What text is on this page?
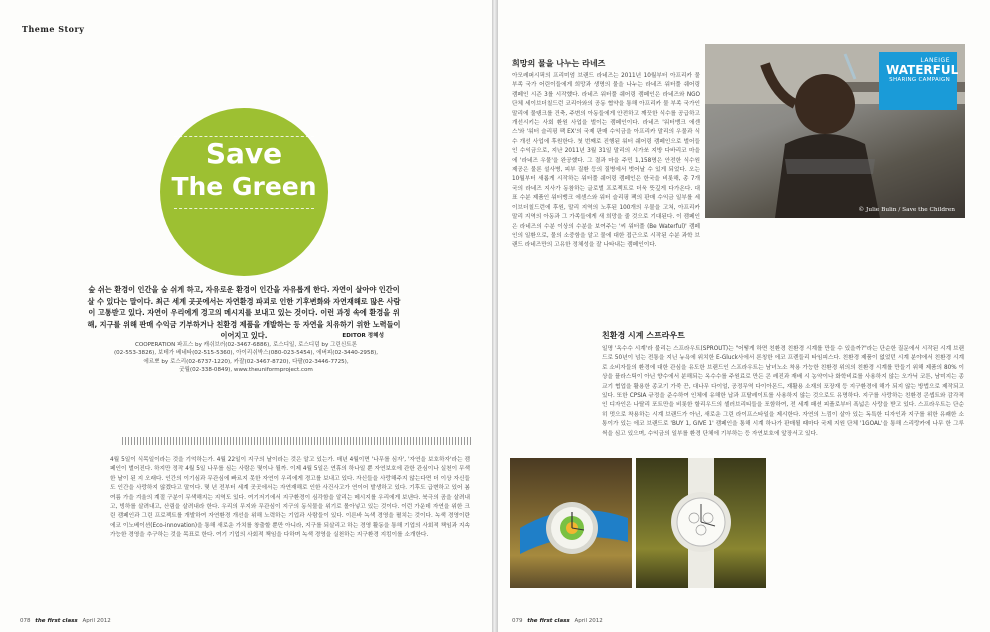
Theme Story
Save
The Green
숲 쉬는 환경이 인간을 숨 쉬게 하고, 자유로운 환경이 인간을 자유롭게 한다. 자연이 살아야 인간이 살 수 있다는 말이다. 최근 세계 곳곳에서는 자연환경 파괴로 인한 기후변화와 자연재해로 많은 사람이 고통받고 있다. 자연이 우리에게 경고의 메시지를 보내고 있는 것이다. 이런 과정 속에 환경을 위해, 지구를 위해 판매 수익금 기부하거나 친환경 제품을 개발하는 등 자연을 치유하기 위한 노력들이 이어지고 있다.	EDITOR 정혜성
COOPERATION 파프스 by 캐쉬브러(02-3467-6886), 로스디일, 로스디덤 by 그린신트론
(02-553-3826), 보테가 베네타(02-515-5360), 아이리쉬박스(080-023-5454), 에버피(02-3440-2958),
에르뽀 by 로스리(02-6737-1220), 카잘(02-3467-8720), 다팔(02-3446-7725),
굿월(02-338-0849), www.theuniformproject.com
4월 5일이 식목일이라는 것을 기억하는가. 4월 22일이 지구의 날이라는 것은 알고 있는가. 매년 4월이면 '나무를 심자', '자연을 보호하자'라는 캠페인이 벌어진다. 하지만 정작 4월 5일 나무를 심는 사람은 몇이나 될까. 이제 4월 5일은 연휴의 하나일 뿐 자연보호에 관한 관심이나 실천이 무색한 날이 된 지 오래다. 인간의 이기심과 무관심에 빠르지 못한 자연이 우리에게 경고를 보내고 있다. 자신들을 사랑해주지 않는다면 더 이상 자신들도 인간을 사랑하지 않겠다고 말이다. 몇 년 전부터 세계 곳곳에서는 자연재해로 인한 사건사고가 연이어 발생하고 있다. 기후도 급변하고 있어 봄 여름 가을 겨울의 계절 구분이 무색해지는 지역도 있다. 여기저기에서 지구환경이 심각함을 알리는 메시지를 우리에게 보낸다. 북극의 곰을 살려내고, 빙하를 살려내고, 산림을 살려내라 한다. 우리의 무지와 무관심이 지구의 동식물을 위기로 몰아넣고 있는 것이다. 이런 가운데 자연을 위한 크린 캠페인과 그린 프로젝트를 개발하여 자연환경 개선을 위해 노력하는 기업과 사람들이 있다. 이른바 녹색 경영을 펼치는 것이다. 녹색 경영이란 에코 이노베이션(Eco-innovation)을 통해 새로운 가치를 창출할 뿐만 아니라, 지구를 되살리고 하는 경영 활동을 통해 기업의 사회적 책임과 지속 가능한 경영을 추구하는 것을 목표로 한다. 여기 기업의 사회적 책임을 다하며 녹색 경영을 실천하는 지구환경 지킴이를 소개한다.
078 the first class April 2012
희망의 물을 나누는 라네즈
아모레퍼시픽의 프리미엄 브랜드 라네즈는 2011년 10월부터 아프리카 물 부족 국가 어린이들에게 희망과 생명의 물을 나누는 라네즈 워터풀 쉐어링 캠페인 시즌 3를 시작했다. 라네즈 워터풀 쉐어링 캠페인은 라네즈와 NGO 단체 세이브더칠드런 코리아와의 공동 협약을 통해 아프리카 물 부족 국가인 말리에 물탱크를 건축, 주변의 아동들에게 안전하고 깨끗한 식수를 공급하고 개선시키는 사회 환원 사업을 벌이는 캠페인이다. 라네즈 '워터뱅크 에센스'와 '워터 슬리핑 팩 EX'의 국제 판매 수익금을 아프리카 말리의 우물과 식수 개선 사업에 후원한다. 첫 번째로 진행된 워터 쉐어링 캠페인으로 벌어들인 수익금으로, 지난 2011년 3월 31일 말리의 시가쏘 지방 다바리코 마을에 '라네즈 우물'을 완공했다. 그 결과 마을 주민 1,158명은 안전한 식수원 제공은 물론 설사병, 피부 질환 등의 질병에서 벗어날 수 있게 되었다. 오는 10월부터 새롭게 시작하는 워터풀 쉐어링 캠페인은 한국을 비롯해, 총 7개국의 라네즈 지사가 동참하는 글로벌 프로젝트로 더욱 뜻깊게 다가온다. 대표 수분 제품인 워터뱅크 에센스와 워터 슬리핑 팩의 판매 수익금 일부를 세이브더칠드런에 후원, 말리 지역의 노후된 100개의 우물을 고쳐, 아프리카 말리 지역의 아동과 그 가족들에게 새 희망을 줄 것으로 기대된다. 이 캠페인은 라네즈의 수분 이상의 수분을 보여주는 '씨 워터풀 (Be Waterful)' 캠페인의 일환으로, 물의 소중함을 알고 물에 대한 접근으로 시작된 수분 과학 브랜드 라네즈만의 고유한 정체성을 잘 나타내는 캠페인이다.
LANEIGE
WATERFUL
SHARING CAMPAIGN
© Julie Bulin / Save the Children
친환경 시계 스프라우트
일명 '옥수수 시계'라 불리는 스프라우트(SPROUT)는 "어떻게 하면 친환경 친환경 시계를 만들 수 있을까?"라는 단순한 질문에서 시작된 시계 브랜드로 50년이 넘는 전통을 지닌 뉴욕에 위치한 E-Gluck사에서 론칭한 에코 프렌들리 타임피스다. 친환경 제품이 없었던 시계 분야에서 친환경 시계로 소비자들의 환경에 대한 관심을 유도한 브랜드인 스프라우트는 남녀노소 착용 가능한 친환경 위의의 친환경 시계를 만들기 위해 제품의 80% 이상을 플라스틱이 아닌 향수에서 분해되는 옥수수를 주원료로 만든 콘 레진과 재배 시 농약이나 화학비료를 사용하지 않는 오가닉 코튼, 남미지는 종교기 협업을 활용한 종교기 가죽 끈, 대나무 다이얼, 공정무역 다이아몬드, 재활용 소재의 포장재 등 지구환경에 해가 되지 않는 방법으로 제작되고 있다. 또한 CPSIA 규정을 준수하여 인체에 유해한 납과 프탈레이트를 사용하지 않는 것으로도 유명하다. 지구를 사랑하는 친환경 콘셉트와 감각적인 디자인은 나탈리 포트만을 비롯한 할리우드의 셀러브리티들을 포함하여, 전 세계 패션 피플로부터 폭넓은 사랑을 받고 있다. 스프라우트는 단순히 멋으로 착용하는 시계 브랜드가 아닌, 새로운 그린 라이프스타일을 제시한다. 자연의 느낌이 살아 있는 독특한 디자인과 지구를 위한 유쾌한 소통이가 있는 에코 브랜드로 'BUY 1, GIVE 1' 캠페인을 통해 시계 하나가 판매될 때마다 국제 지원 단체 '1GOAL'을 통해 스리랑카에 나무 한 그루씩을 심고 있으며, 수익금의 일부를 환경 단체에 기부하는 등 자연보호에 앞장서고 있다.
079 the first class April 2012
